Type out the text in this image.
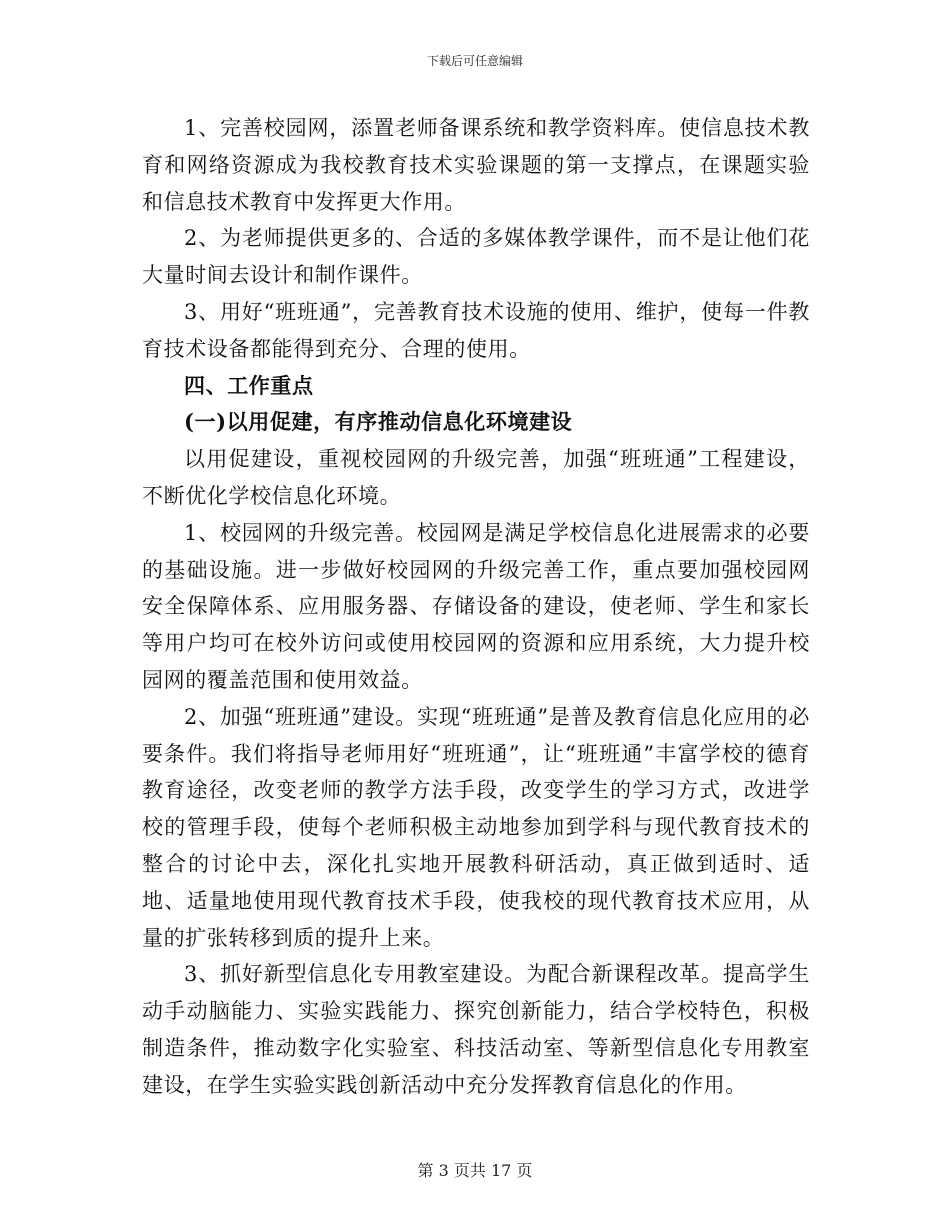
下载后可任意编辑

1、完善校园网，添置老师备课系统和教学资料库。使信息技术教育和网络资源成为我校教育技术实验课题的第一支撑点，在课题实验和信息技术教育中发挥更大作用。

2、为老师提供更多的、合适的多媒体教学课件，而不是让他们花大量时间去设计和制作课件。

3、用好“班班通”，完善教育技术设施的使用、维护，使每一件教育技术设备都能得到充分、合理的使用。

四、工作重点

(一)以用促建，有序推动信息化环境建设

以用促建设，重视校园网的升级完善，加强“班班通”工程建设，不断优化学校信息化环境。

1、校园网的升级完善。校园网是满足学校信息化进展需求的必要的基础设施。进一步做好校园网的升级完善工作，重点要加强校园网安全保障体系、应用服务器、存储设备的建设，使老师、学生和家长等用户均可在校外访问或使用校园网的资源和应用系统，大力提升校园网的覆盖范围和使用效益。

2、加强“班班通”建设。实现“班班通”是普及教育信息化应用的必要条件。我们将指导老师用好“班班通”，让“班班通”丰富学校的德育教育途径，改变老师的教学方法手段，改变学生的学习方式，改进学校的管理手段，使每个老师积极主动地参加到学科与现代教育技术的整合的讨论中去，深化扎实地开展教科研活动，真正做到适时、适地、适量地使用现代教育技术手段，使我校的现代教育技术应用，从量的扩张转移到质的提升上来。

3、抓好新型信息化专用教室建设。为配合新课程改革。提高学生动手动脑能力、实验实践能力、探究创新能力，结合学校特色，积极制造条件，推动数字化实验室、科技活动室、等新型信息化专用教室建设，在学生实验实践创新活动中充分发挥教育信息化的作用。

第 3 页共 17 页
